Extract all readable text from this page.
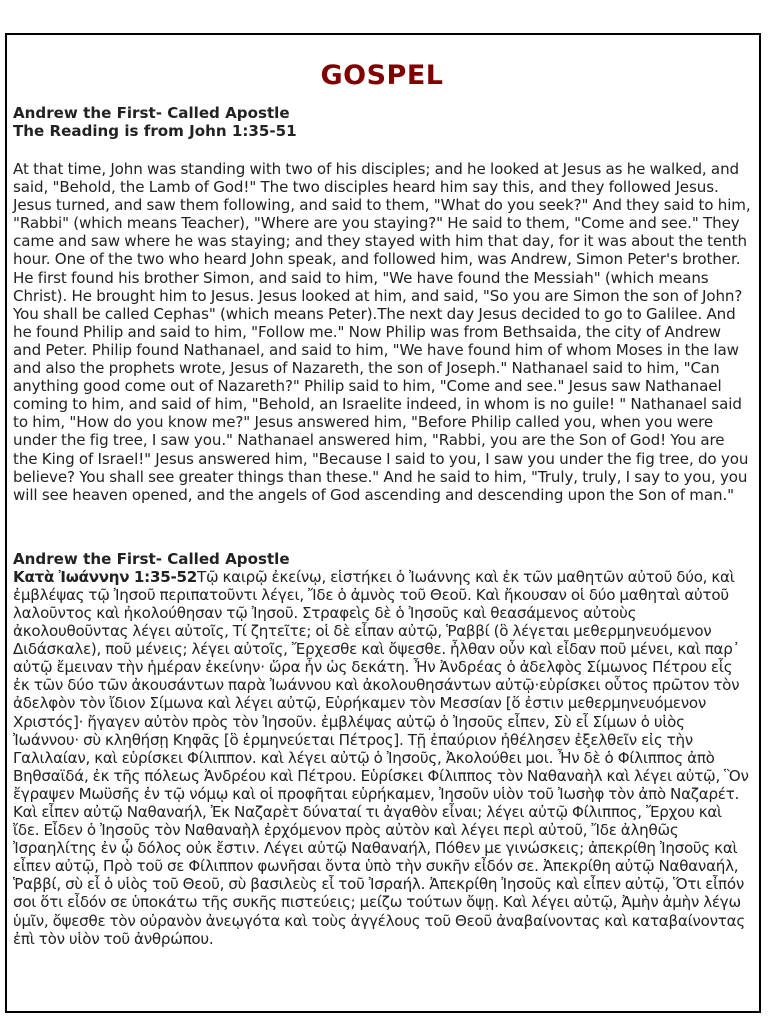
GOSPEL
Andrew the First- Called Apostle
The Reading is from John 1:35-51

At that time, John was standing with two of his disciples; and he looked at Jesus as he walked, and said, "Behold, the Lamb of God!" The two disciples heard him say this, and they followed Jesus. Jesus turned, and saw them following, and said to them, "What do you seek?" And they said to him, "Rabbi" (which means Teacher), "Where are you staying?" He said to them, "Come and see." They came and saw where he was staying; and they stayed with him that day, for it was about the tenth hour. One of the two who heard John speak, and followed him, was Andrew, Simon Peter's brother. He first found his brother Simon, and said to him, "We have found the Messiah" (which means Christ). He brought him to Jesus. Jesus looked at him, and said, "So you are Simon the son of John? You shall be called Cephas" (which means Peter).The next day Jesus decided to go to Galilee. And he found Philip and said to him, "Follow me." Now Philip was from Bethsaida, the city of Andrew and Peter. Philip found Nathanael, and said to him, "We have found him of whom Moses in the law and also the prophets wrote, Jesus of Nazareth, the son of Joseph." Nathanael said to him, "Can anything good come out of Nazareth?" Philip said to him, "Come and see." Jesus saw Nathanael coming to him, and said of him, "Behold, an Israelite indeed, in whom is no guile! " Nathanael said to him, "How do you know me?" Jesus answered him, "Before Philip called you, when you were under the fig tree, I saw you." Nathanael answered him, "Rabbi, you are the Son of God! You are the King of Israel!" Jesus answered him, "Because I said to you, I saw you under the fig tree, do you believe? You shall see greater things than these." And he said to him, "Truly, truly, I say to you, you will see heaven opened, and the angels of God ascending and descending upon the Son of man."

Andrew the First- Called Apostle

Κατὰ Ἰωάννην 1:35-52Τῷ καιρῷ ἐκείνῳ, εἱστήκει ὁ Ἰωάννης καὶ ἐκ τῶν μαθητῶν αὐτοῦ δύο, καὶ ἐμβλέψας τῷ Ἰησοῦ περιπατοῦντι λέγει, Ἴδε ὁ ἀμνὸς τοῦ Θεοῦ. Καὶ ἤκουσαν οἱ δύο μαθηταὶ αὐτοῦ λαλοῦντος καὶ ἠκολούθησαν τῷ Ἰησοῦ. Στραφεὶς δὲ ὁ Ἰησοῦς καὶ θεασάμενος αὐτοὺς ἀκολουθοῦντας λέγει αὐτοῖς, Τί ζητεῖτε; οἱ δὲ εἶπαν αὐτῷ, Ῥαββί (ὃ λέγεται μεθερμηνευόμενον Διδάσκαλε), ποῦ μένεις; λέγει αὐτοῖς, Ἔρχεσθε καὶ ὄψεσθε. ἦλθαν οὖν καὶ εἶδαν ποῦ μένει, καὶ παρ᾽ αὐτῷ ἔμειναν τὴν ἡμέραν ἐκείνην· ὥρα ἦν ὡς δεκάτη. Ἦν Ἀνδρέας ὁ ἀδελφὸς Σίμωνος Πέτρου εἷς ἐκ τῶν δύο τῶν ἀκουσάντων παρὰ Ἰωάννου καὶ ἀκολουθησάντων αὐτῷ·εὑρίσκει οὗτος πρῶτον τὸν ἀδελφὸν τὸν ἴδιον Σίμωνα καὶ λέγει αὐτῷ, Εὑρήκαμεν τὸν Μεσσίαν [ὅ ἐστιν μεθερμηνευόμενον Χριστός]· ἤγαγεν αὐτὸν πρὸς τὸν Ἰησοῦν. ἐμβλέψας αὐτῷ ὁ Ἰησοῦς εἶπεν, Σὺ εἶ Σίμων ὁ υἱὸς Ἰωάννου· σὺ κληθήσῃ Κηφᾶς [ὃ ἑρμηνεύεται Πέτρος]. Τῇ ἐπαύριον ἠθέλησεν ἐξελθεῖν εἰς τὴν Γαλιλαίαν, καὶ εὑρίσκει Φίλιππον. καὶ λέγει αὐτῷ ὁ Ἰησοῦς, Ἀκολούθει μοι. Ἦν δὲ ὁ Φίλιππος ἀπὸ Βηθσαϊδά, ἐκ τῆς πόλεως Ἀνδρέου καὶ Πέτρου. Εὑρίσκει Φίλιππος τὸν Ναθαναὴλ καὶ λέγει αὐτῷ, Ὃν ἔγραψεν Μωϋσῆς ἐν τῷ νόμῳ καὶ οἱ προφῆται εὑρήκαμεν, Ἰησοῦν υἱὸν τοῦ Ἰωσὴφ τὸν ἀπὸ Ναζαρέτ. Καὶ εἶπεν αὐτῷ Ναθαναήλ, Ἐκ Ναζαρὲτ δύναταί τι ἀγαθὸν εἶναι; λέγει αὐτῷ Φίλιππος, Ἔρχου καὶ ἴδε. Εἶδεν ὁ Ἰησοῦς τὸν Ναθαναὴλ ἐρχόμενον πρὸς αὐτὸν καὶ λέγει περὶ αὐτοῦ, Ἴδε ἀληθῶς Ἰσραηλίτης ἐν ᾧ δόλος οὐκ ἔστιν. Λέγει αὐτῷ Ναθαναήλ, Πόθεν με γινώσκεις; ἀπεκρίθη Ἰησοῦς καὶ εἶπεν αὐτῷ, Πρὸ τοῦ σε Φίλιππον φωνῆσαι ὄντα ὑπὸ τὴν συκῆν εἶδόν σε. Ἀπεκρίθη αὐτῷ Ναθαναήλ, Ῥαββί, σὺ εἶ ὁ υἱὸς τοῦ Θεοῦ, σὺ βασιλεὺς εἶ τοῦ Ἰσραήλ. Ἀπεκρίθη Ἰησοῦς καὶ εἶπεν αὐτῷ, Ὅτι εἶπόν σοι ὅτι εἶδόν σε ὑποκάτω τῆς συκῆς πιστεύεις; μείζω τούτων ὄψῃ. Καὶ λέγει αὐτῷ, Ἀμὴν ἀμὴν λέγω ὑμῖν, ὄψεσθε τὸν οὐρανὸν ἀνεῳγότα καὶ τοὺς ἀγγέλους τοῦ Θεοῦ ἀναβαίνοντας καὶ καταβαίνοντας ἐπὶ τὸν υἱὸν τοῦ ἀνθρώπου.
